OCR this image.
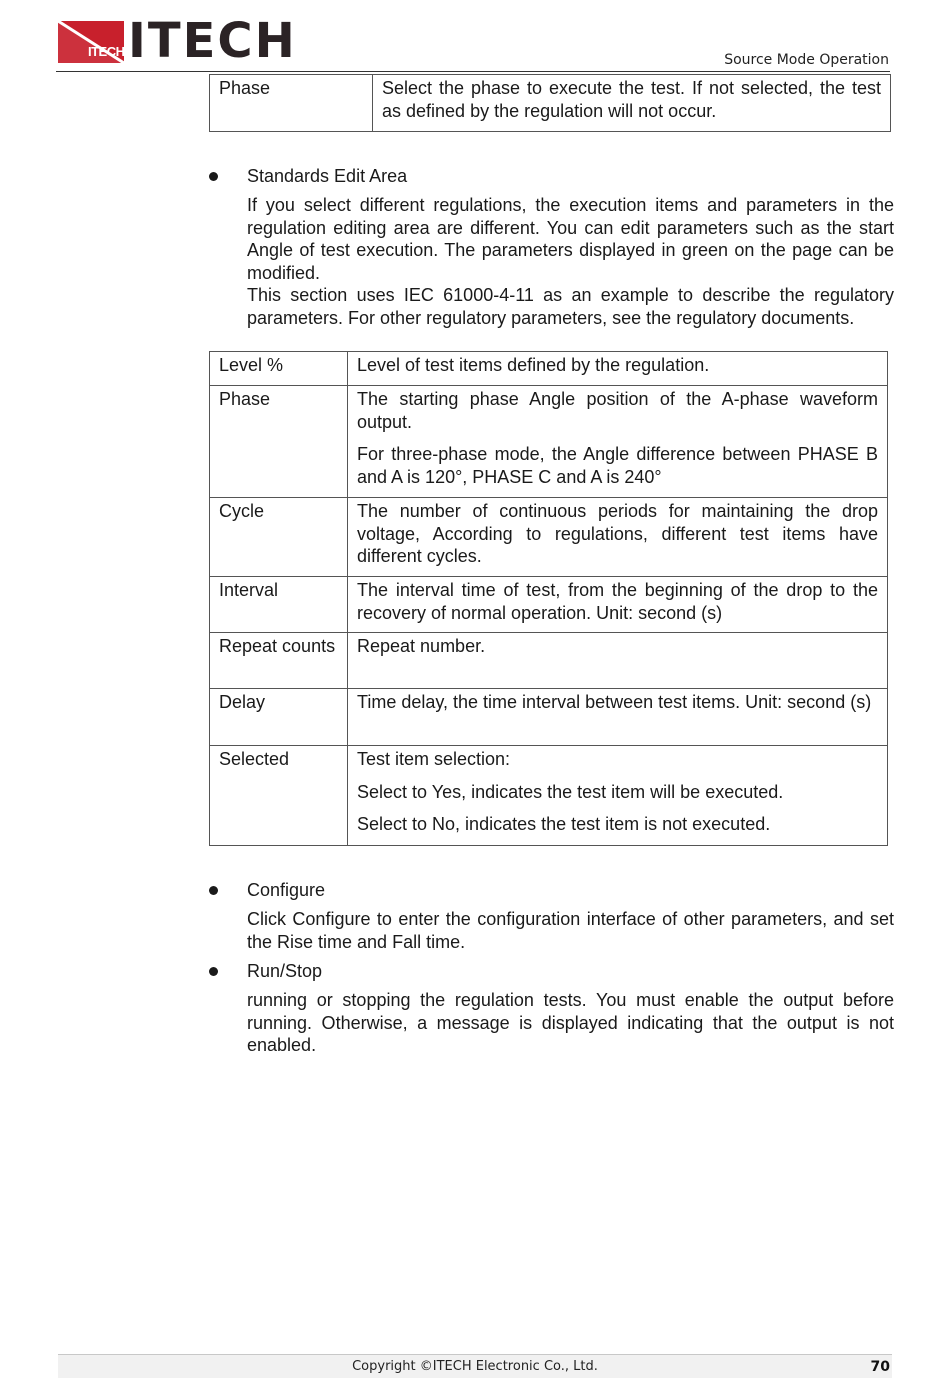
ITECH ITECH	Source Mode Operation
Phase	Select the phase to execute the test. If not selected, the test as defined by the regulation will not occur.

Standards Edit Area

If you select different regulations, the execution items and parameters in the regulation editing area are different. You can edit parameters such as the start Angle of test execution. The parameters displayed in green on the page can be modified.

This section uses IEC 61000-4-11 as an example to describe the regulatory parameters. For other regulatory parameters, see the regulatory documents.

Level %	Level of test items defined by the regulation.

Phase	The starting phase Angle position of the A-phase waveform output.

For three-phase mode, the Angle difference between PHASE B and A is 120°, PHASE C and A is 240°

Cycle	The number of continuous periods for maintaining the drop voltage, According to regulations, different test items have different cycles.

Interval	The interval time of test, from the beginning of the drop to the recovery of normal operation. Unit: second (s)

Repeat counts	Repeat number.

Delay	Time delay, the time interval between test items. Unit: second (s)

Selected	Test item selection:

Select to Yes, indicates the test item will be executed.

Select to No, indicates the test item is not executed.

Configure

Click Configure to enter the configuration interface of other parameters, and set the Rise time and Fall time.

Run/Stop

running or stopping the regulation tests. You must enable the output before running. Otherwise, a message is displayed indicating that the output is not enabled.

Copyright ©ITECH Electronic Co., Ltd.	70
